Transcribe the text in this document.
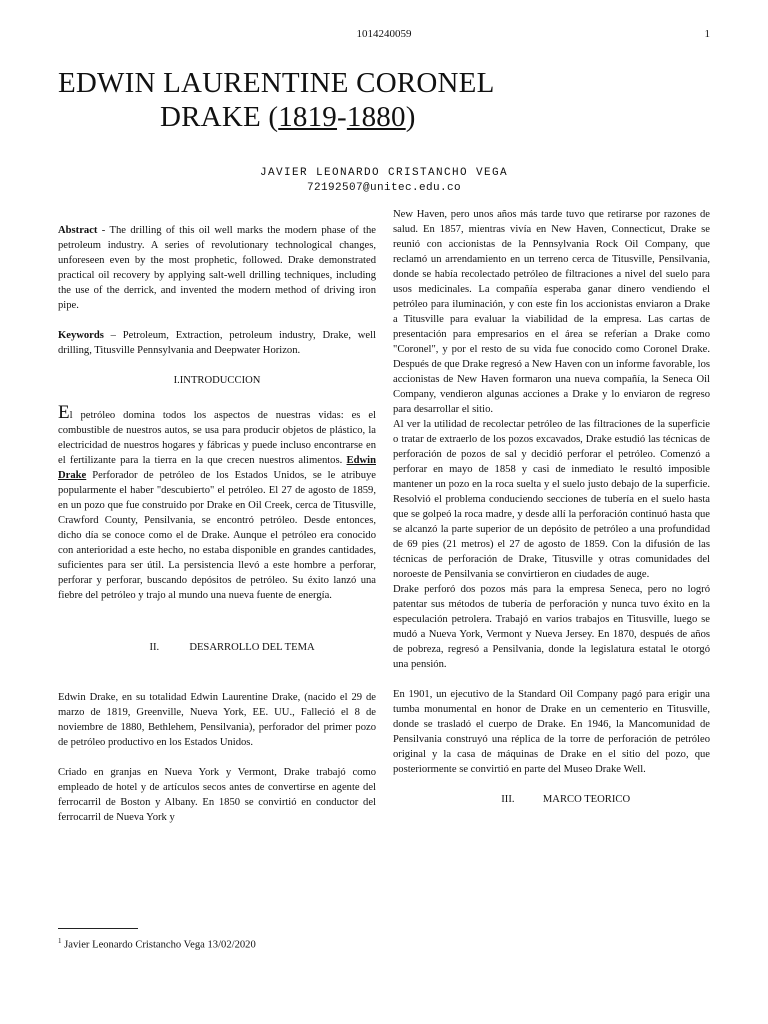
1014240059	1
EDWIN LAURENTINE CORONEL
DRAKE (1819-1880)
JAVIER LEONARDO CRISTANCHO VEGA
72192507@unitec.edu.co

Abstract - The drilling of this oil well marks the modern phase of the petroleum industry. A series of revolutionary technological changes, unforeseen even by the most prophetic, followed. Drake demonstrated practical oil recovery by applying salt-well drilling techniques, including the use of the derrick, and invented the modern method of driving iron pipe.

Keywords – Petroleum, Extraction, petroleum industry, Drake, well drilling, Titusville Pennsylvania and Deepwater Horizon.

I.INTRODUCCION

El petróleo domina todos los aspectos de nuestras vidas: es el combustible de nuestros autos, se usa para producir objetos de plástico, la electricidad de nuestros hogares y fábricas y puede incluso encontrarse en el fertilizante para la tierra en la que crecen nuestros alimentos. Edwin Drake Perforador de petróleo de los Estados Unidos, se le atribuye popularmente el haber "descubierto" el petróleo. El 27 de agosto de 1859, en un pozo que fue construido por Drake en Oil Creek, cerca de Titusville, Crawford County, Pensilvania, se encontró petróleo. Desde entonces, dicho día se conoce como el de Drake. Aunque el petróleo era conocido con anterioridad a este hecho, no estaba disponible en grandes cantidades, suficientes para ser útil. La persistencia llevó a este hombre a perforar, perforar y perforar, buscando depósitos de petróleo. Su éxito lanzó una fiebre del petróleo y trajo al mundo una nueva fuente de energía.

II.	DESARROLLO DEL TEMA

Edwin Drake, en su totalidad Edwin Laurentine Drake, (nacido el 29 de marzo de 1819, Greenville, Nueva York, EE. UU., Falleció el 8 de noviembre de 1880, Bethlehem, Pensilvania), perforador del primer pozo de petróleo productivo en los Estados Unidos.

Criado en granjas en Nueva York y Vermont, Drake trabajó como empleado de hotel y de artículos secos antes de convertirse en agente del ferrocarril de Boston y Albany. En 1850 se convirtió en conductor del ferrocarril de Nueva York y

New Haven, pero unos años más tarde tuvo que retirarse por razones de salud. En 1857, mientras vivía en New Haven, Connecticut, Drake se reunió con accionistas de la Pennsylvania Rock Oil Company, que reclamó un arrendamiento en un terreno cerca de Titusville, Pensilvania, donde se había recolectado petróleo de filtraciones a nivel del suelo para usos medicinales. La compañía esperaba ganar dinero vendiendo el petróleo para iluminación, y con este fin los accionistas enviaron a Drake a Titusville para evaluar la viabilidad de la empresa. Las cartas de presentación para empresarios en el área se referían a Drake como "Coronel", y por el resto de su vida fue conocido como Coronel Drake. Después de que Drake regresó a New Haven con un informe favorable, los accionistas de New Haven formaron una nueva compañía, la Seneca Oil Company, vendieron algunas acciones a Drake y lo enviaron de regreso para desarrollar el sitio.

Al ver la utilidad de recolectar petróleo de las filtraciones de la superficie o tratar de extraerlo de los pozos excavados, Drake estudió las técnicas de perforación de pozos de sal y decidió perforar el petróleo. Comenzó a perforar en mayo de 1858 y casi de inmediato le resultó imposible mantener un pozo en la roca suelta y el suelo justo debajo de la superficie. Resolvió el problema conduciendo secciones de tubería en el suelo hasta que se golpeó la roca madre, y desde allí la perforación continuó hasta que se alcanzó la parte superior de un depósito de petróleo a una profundidad de 69 pies (21 metros) el 27 de agosto de 1859. Con la difusión de las técnicas de perforación de Drake, Titusville y otras comunidades del noroeste de Pensilvania se convirtieron en ciudades de auge.

Drake perforó dos pozos más para la empresa Seneca, pero no logró patentar sus métodos de tubería de perforación y nunca tuvo éxito en la especulación petrolera. Trabajó en varios trabajos en Titusville, luego se mudó a Nueva York, Vermont y Nueva Jersey. En 1870, después de años de pobreza, regresó a Pensilvania, donde la legislatura estatal le otorgó una pensión.

En 1901, un ejecutivo de la Standard Oil Company pagó para erigir una tumba monumental en honor de Drake en un cementerio en Titusville, donde se trasladó el cuerpo de Drake. En 1946, la Mancomunidad de Pensilvania construyó una réplica de la torre de perforación de petróleo original y la casa de máquinas de Drake en el sitio del pozo, que posteriormente se convirtió en parte del Museo Drake Well.

III.	MARCO TEORICO

$^1$ Javier Leonardo Cristancho Vega 13/02/2020
